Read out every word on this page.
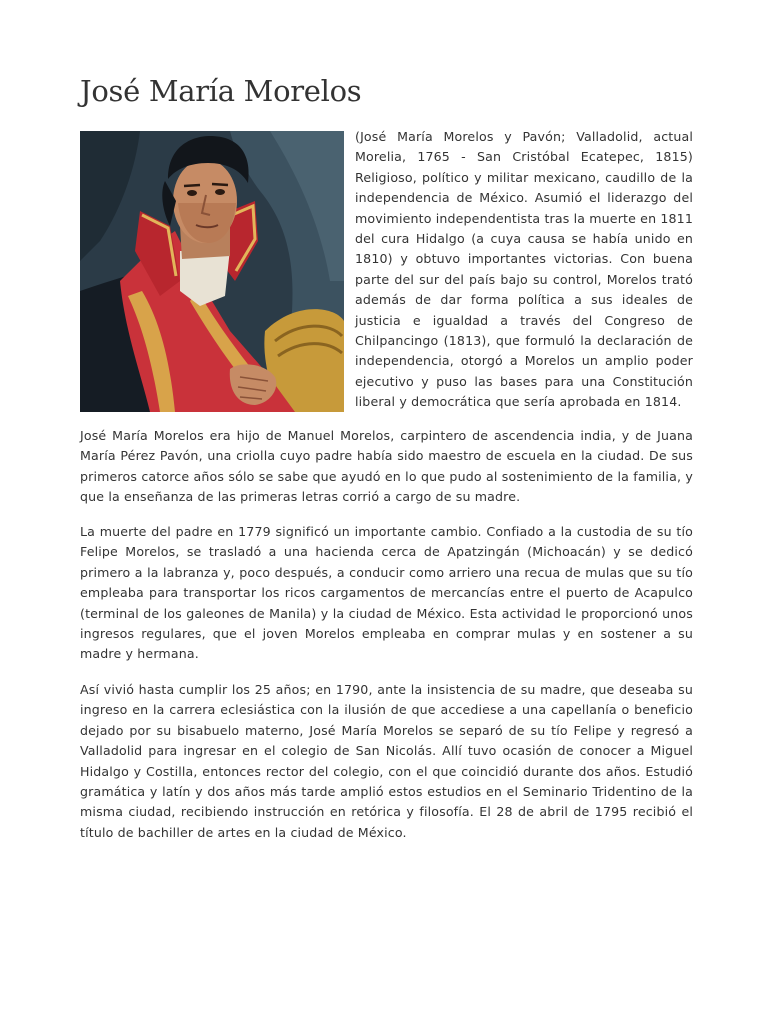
José María Morelos

(José María Morelos y Pavón; Valladolid, actual Morelia, 1765 - San Cristóbal Ecatepec, 1815) Religioso, político y militar mexicano, caudillo de la independencia de México. Asumió el liderazgo del movimiento independentista tras la muerte en 1811 del cura Hidalgo (a cuya causa se había unido en 1810) y obtuvo importantes victorias. Con buena parte del sur del país bajo su control, Morelos trató además de dar forma política a sus ideales de justicia e igualdad a través del Congreso de Chilpancingo (1813), que formuló la declaración de independencia, otorgó a Morelos un amplio poder ejecutivo y puso las bases para una Constitución liberal y democrática que sería aprobada en 1814.

José María Morelos era hijo de Manuel Morelos, carpintero de ascendencia india, y de Juana María Pérez Pavón, una criolla cuyo padre había sido maestro de escuela en la ciudad. De sus primeros catorce años sólo se sabe que ayudó en lo que pudo al sostenimiento de la familia, y que la enseñanza de las primeras letras corrió a cargo de su madre.

La muerte del padre en 1779 significó un importante cambio. Confiado a la custodia de su tío Felipe Morelos, se trasladó a una hacienda cerca de Apatzingán (Michoacán) y se dedicó primero a la labranza y, poco después, a conducir como arriero una recua de mulas que su tío empleaba para transportar los ricos cargamentos de mercancías entre el puerto de Acapulco (terminal de los galeones de Manila) y la ciudad de México. Esta actividad le proporcionó unos ingresos regulares, que el joven Morelos empleaba en comprar mulas y en sostener a su madre y hermana.

Así vivió hasta cumplir los 25 años; en 1790, ante la insistencia de su madre, que deseaba su ingreso en la carrera eclesiástica con la ilusión de que accediese a una capellanía o beneficio dejado por su bisabuelo materno, José María Morelos se separó de su tío Felipe y regresó a Valladolid para ingresar en el colegio de San Nicolás. Allí tuvo ocasión de conocer a Miguel Hidalgo y Costilla, entonces rector del colegio, con el que coincidió durante dos años. Estudió gramática y latín y dos años más tarde amplió estos estudios en el Seminario Tridentino de la misma ciudad, recibiendo instrucción en retórica y filosofía. El 28 de abril de 1795 recibió el título de bachiller de artes en la ciudad de México.
